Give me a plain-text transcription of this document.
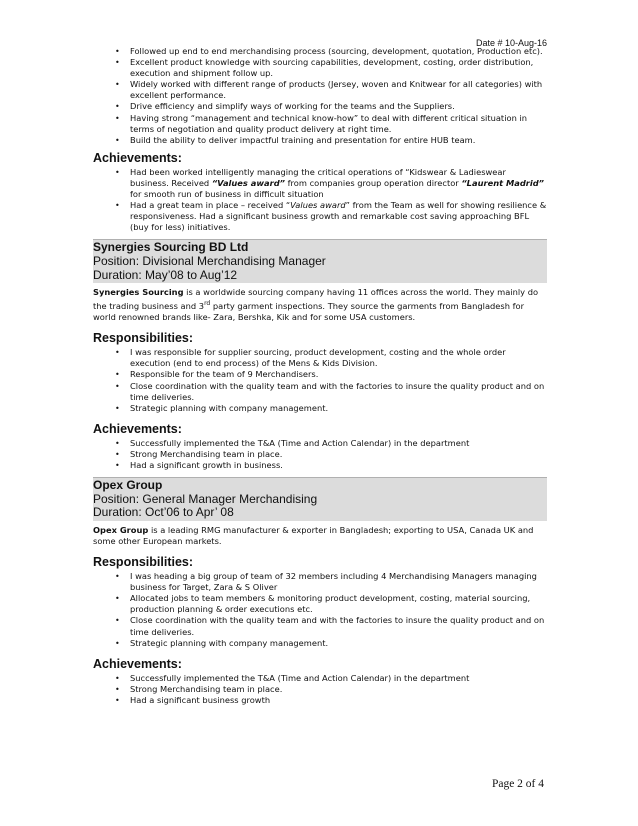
Date # 10-Aug-16
• Followed up end to end merchandising process (sourcing, development, quotation, Production etc).
• Excellent product knowledge with sourcing capabilities, development, costing, order distribution, execution and shipment follow up.
• Widely worked with different range of products (Jersey, woven and Knitwear for all categories) with excellent performance.
• Drive efficiency and simplify ways of working for the teams and the Suppliers.
• Having strong “management and technical know-how” to deal with different critical situation in terms of negotiation and quality product delivery at right time.
• Build the ability to deliver impactful training and presentation for entire HUB team.
Achievements:
• Had been worked intelligently managing the critical operations of “Kidswear & Ladieswear business. Received “Values award” from companies group operation director “Laurent Madrid” for smooth run of business in difficult situation
• Had a great team in place – received “Values award” from the Team as well for showing resilience & responsiveness. Had a significant business growth and remarkable cost saving approaching BFL (buy for less) initiatives.
Synergies Sourcing BD Ltd
Position: Divisional Merchandising Manager
Duration: May’08 to Aug’12

Synergies Sourcing is a worldwide sourcing company having 11 offices across the world. They mainly do the trading business and 3rd party garment inspections. They source the garments from Bangladesh for world renowned brands like- Zara, Bershka, Kik and for some USA customers.

Responsibilities:
• I was responsible for supplier sourcing, product development, costing and the whole order execution (end to end process) of the Mens & Kids Division.
• Responsible for the team of 9 Merchandisers.
• Close coordination with the quality team and with the factories to insure the quality product and on time deliveries.
• Strategic planning with company management.
Achievements:
• Successfully implemented the T&A (Time and Action Calendar) in the department
• Strong Merchandising team in place.
• Had a significant growth in business.
Opex Group
Position: General Manager Merchandising
Duration: Oct’06 to Apr’ 08

Opex Group is a leading RMG manufacturer & exporter in Bangladesh; exporting to USA, Canada UK and some other European markets.

Responsibilities:
• I was heading a big group of team of 32 members including 4 Merchandising Managers managing business for Target, Zara & S Oliver
• Allocated jobs to team members & monitoring product development, costing, material sourcing, production planning & order executions etc.
• Close coordination with the quality team and with the factories to insure the quality product and on time deliveries.
• Strategic planning with company management.
Achievements:
• Successfully implemented the T&A (Time and Action Calendar) in the department
• Strong Merchandising team in place.
• Had a significant business growth
Page 2 of 4
